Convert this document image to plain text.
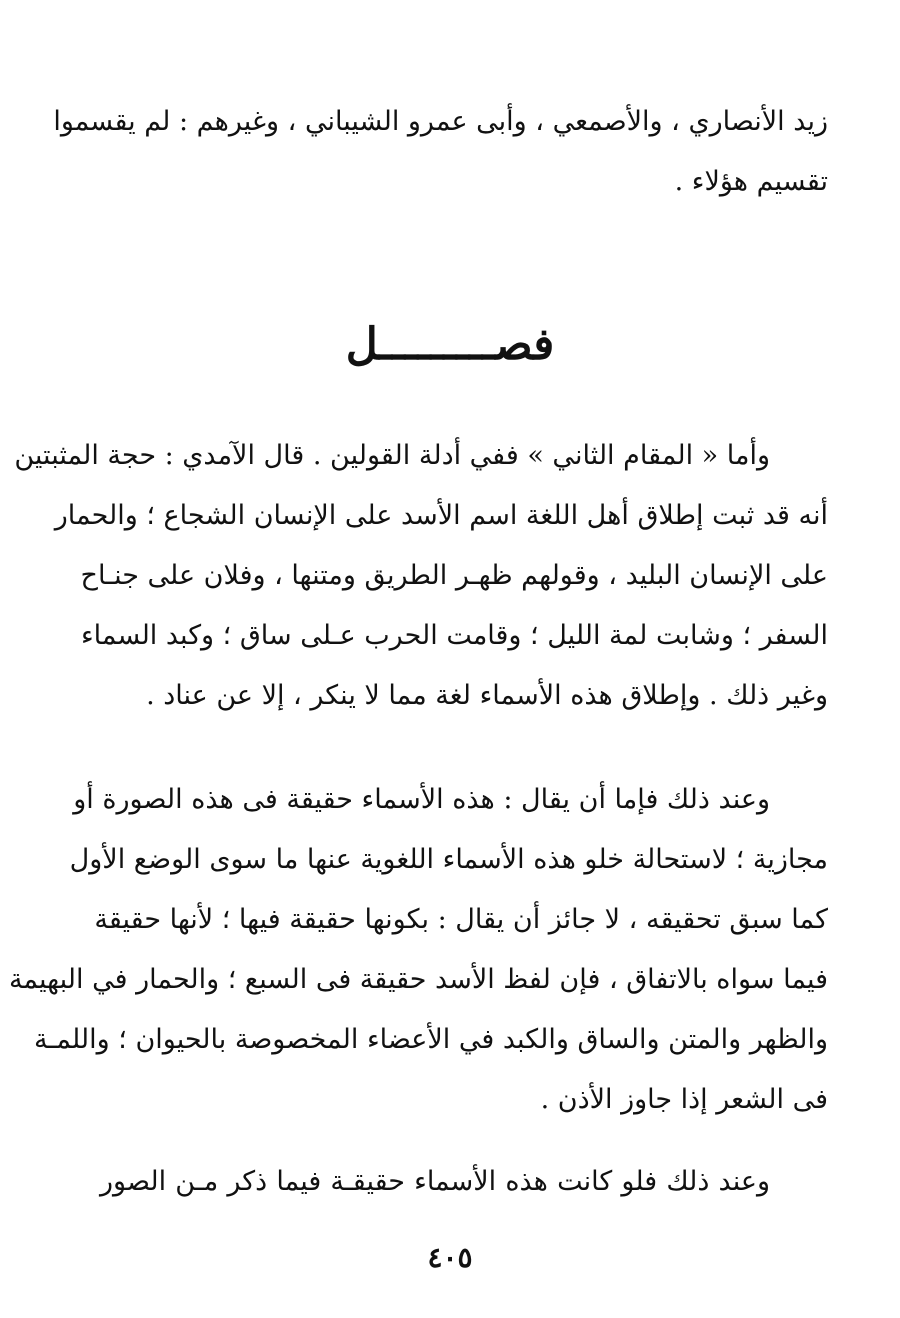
زيد الأنصاري ، والأصمعي ، وأبى عمرو الشيباني ، وغيرهم : لم يقسموا
تقسيم هؤلاء .
فصـــــــــل
وأما « المقام الثاني » ففي أدلة القولين . قال الآمدي : حجة المثبتين
أنه قد ثبت إطلاق أهل اللغة اسم الأسد على الإنسان الشجاع ؛ والحمار
على الإنسان البليد ، وقولهم ظهـر الطريق ومتنها ، وفلان على جنـاح
السفر ؛ وشابت لمة الليل ؛ وقامت الحرب عـلى ساق ؛ وكبد السماء
وغير ذلك . وإطلاق هذه الأسماء لغة مما لا ينكر ، إلا عن عناد .
وعند ذلك فإما أن يقال : هذه الأسماء حقيقة فى هذه الصورة أو
مجازية ؛ لاستحالة خلو هذه الأسماء اللغوية عنها ما سوى الوضع الأول
كما سبق تحقيقه ، لا جائز أن يقال : بكونها حقيقة فيها ؛ لأنها حقيقة
فيما سواه بالاتفاق ، فإن لفظ الأسد حقيقة فى السبع ؛ والحمار في البهيمة
والظهر والمتن والساق والكبد في الأعضاء المخصوصة بالحيوان ؛ واللمـة
فى الشعر إذا جاوز الأذن .
وعند ذلك فلو كانت هذه الأسماء حقيقـة فيما ذكر مـن الصور
٤٠٥
